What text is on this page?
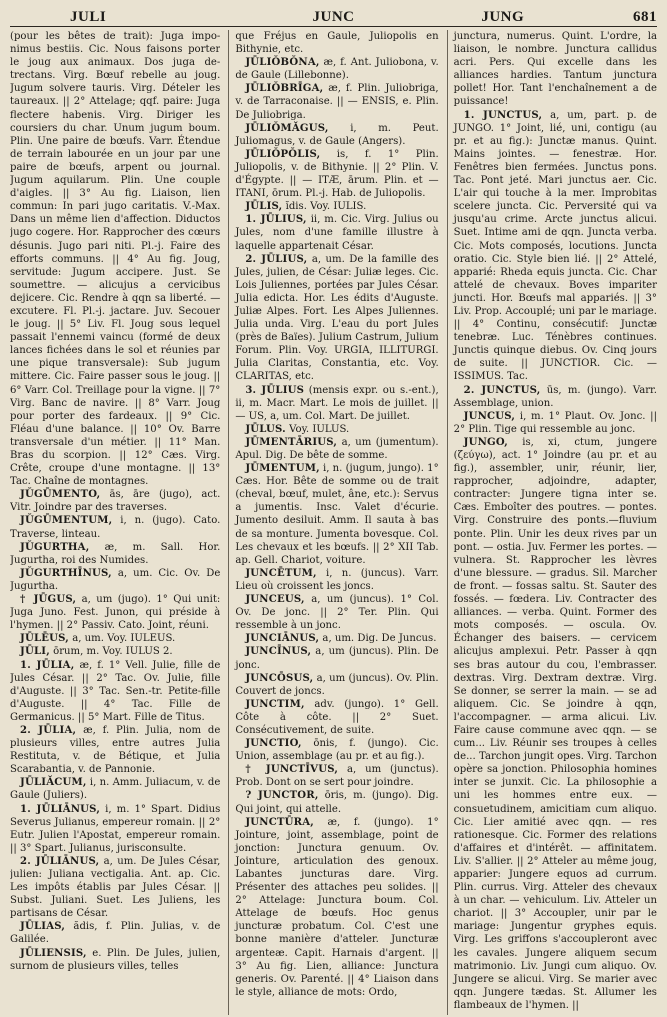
JULI	JUNC	JUNG	681

(pour les bêtes de trait): Juga impo- nimus bestiis. Cic. Nous faisons porter le joug aux animaux. Dos juga de- trectans. Virg. Bœuf rebelle au joug. Jugum solvere tauris. Virg. Dételer les taureaux. || 2° Attelage; qqf. paire: Juga flectere habenis. Virg. Diriger les coursiers du char. Unum jugum boum. Plin. Une paire de bœufs. Varr. Étendue de terrain labourée en un jour par une paire de bœufs, arpent ou journal. Jugum aquilarum. Plin. Une couple d'aigles. || 3° Au fig. Liaison, lien commun: In pari jugo caritatis. V.-Max. Dans un même lien d'affection. Diductos jugo cogere. Hor. Rapprocher des cœurs désunis. Jugo pari niti. Pl.-j. Faire des efforts communs. || 4° Au fig. Joug, servitude: Jugum accipere. Just. Se soumettre. — alicujus a cervicibus dejicere. Cic. Rendre à qqn sa liberté. — excutere. Fl. Pl.-j. jactare. Juv. Secouer le joug. || 5° Liv. Fl. Joug sous lequel passait l'ennemi vaincu (formé de deux lances fichées dans le sol et réunies par une pique transversale): Sub jugum mittere. Cic. Faire passer sous le joug. || 6° Varr. Col. Treillage pour la vigne. || 7° Virg. Banc de navire. || 8° Varr. Joug pour porter des fardeaux. || 9° Cic. Fléau d'une balance. || 10° Ov. Barre transversale d'un métier. || 11° Man. Bras du scorpion. || 12° Cæs. Virg. Crête, croupe d'une montagne. || 13° Tac. Chaîne de montagnes.

JŬGŪMENTO, ās, āre (jugo), act. Vitr. Joindre par des traverses.

JŬGŪMENTUM, i, n. (jugo). Cato. Traverse, linteau.

JŬGURTHA, æ, m. Sall. Hor. Jugurtha, roi des Numides.

JŬGURTHĪNUS, a, um. Cic. Ov. De Jugurtha.

† JŪGUS, a, um (jugo). 1° Qui unit: Juga Juno. Fest. Junon, qui préside à l'hymen. || 2° Passiv. Cato. Joint, réuni.

JŪLĒUS, a, um. Voy. IULEUS.

JŪLI, ōrum, m. Voy. IULUS 2.

1. JŪLIA, æ, f. 1° Vell. Julie, fille de Jules César. || 2° Tac. Ov. Julie, fille d'Auguste. || 3° Tac. Sen.-tr. Petite-fille d'Auguste. || 4° Tac. Fille de Germanicus. || 5° Mart. Fille de Titus.

2. JŪLIA, æ, f. Plin. Julia, nom de plusieurs villes, entre autres Julia Restituta, v. de Bétique, et Julia Scarabantia, v. de Pannonie.

JŪLIĂCUM, i, n. Amm. Juliacum, v. de Gaule (Juliers).

1. JŪLIĀNUS, i, m. 1° Spart. Didius Severus Julianus, empereur romain. || 2° Eutr. Julien l'Apostat, empereur romain. || 3° Spart. Julianus, jurisconsulte.

2. JŪLIĀNUS, a, um. De Jules César, julien: Juliana vectigalia. Ant. ap. Cic. Les impôts établis par Jules César. || Subst. Juliani. Suet. Les Juliens, les partisans de César.

JŪLIAS, ădis, f. Plin. Julias, v. de Galilée.

JŪLIENSIS, e. Plin. De Jules, julien, surnom de plusieurs villes, telles

que Fréjus en Gaule, Juliopolis en Bithynie, etc.

JŪLIŎBŎNA, æ, f. Ant. Juliobona, v. de Gaule (Lillebonne).

JŪLIŎBRĪGA, æ, f. Plin. Juliobriga, v. de Tarraconaise. || — ENSIS, e. Plin. De Juliobriga.

JŪLIŎMĂGUS, i, m. Peut. Juliomagus, v. de Gaule (Angers).

JŪLIŎPŎLIS, is, f. 1° Plin. Juliopolis, v. de Bithynie. || 2° Plin. V. d'Égypte. || — ITÆ, ārum. Plin. et — ITANI, ōrum. Pl.-j. Hab. de Juliopolis.

JŪLIS, ĭdis. Voy. IULIS.

1. JŪLIUS, ii, m. Cic. Virg. Julius ou Jules, nom d'une famille illustre à laquelle appartenait César.

2. JŪLIUS, a, um. De la famille des Jules, julien, de César: Juliæ leges. Cic. Lois Juliennes, portées par Jules César. Julia edicta. Hor. Les édits d'Auguste. Juliæ Alpes. Fort. Les Alpes Juliennes. Julia unda. Virg. L'eau du port Jules (près de Baïes). Julium Castrum, Julium Forum. Plin. Voy. URGIA, ILLITURGI. Julia Claritas, Constantia, etc. Voy. CLARITAS, etc.

3. JŪLIUS (mensis expr. ou s.-ent.), ii, m. Macr. Mart. Le mois de juillet. || — US, a, um. Col. Mart. De juillet.

JŪLUS. Voy. IULUS.

JŪMENTĀRIUS, a, um (jumentum). Apul. Dig. De bête de somme.

JŪMENTUM, i, n. (jugum, jungo). 1° Cæs. Hor. Bête de somme ou de trait (cheval, bœuf, mulet, âne, etc.): Servus a jumentis. Insc. Valet d'écurie. Jumento desiluit. Amm. Il sauta à bas de sa monture. Jumenta bovesque. Col. Les chevaux et les bœufs. || 2° XII Tab. ap. Gell. Chariot, voiture.

JUNCĒTUM, i, n. (juncus). Varr. Lieu où croissent les joncs.

JUNCEUS, a, um (juncus). 1° Col. Ov. De jonc. || 2° Ter. Plin. Qui ressemble à un jonc.

JUNCIĀNUS, a, um. Dig. De Juncus.

JUNCĪNUS, a, um (juncus). Plin. De jonc.

JUNCŌSUS, a, um (juncus). Ov. Plin. Couvert de joncs.

JUNCTIM, adv. (jungo). 1° Gell. Côte à côte. || 2° Suet. Consécutivement, de suite.

JUNCTIO, ōnis, f. (jungo). Cic. Union, assemblage (au pr. et au fig.).

† JUNCTĪVUS, a, um (junctus). Prob. Dont on se sert pour joindre.

? JUNCTOR, ōris, m. (jungo). Dig. Qui joint, qui attelle.

JUNCTŪRA, æ, f. (jungo). 1° Jointure, joint, assemblage, point de jonction: Junctura genuum. Ov. Jointure, articulation des genoux. Labantes juncturas dare. Virg. Présenter des attaches peu solides. || 2° Attelage: Junctura boum. Col. Attelage de bœufs. Hoc genus juncturæ probatum. Col. C'est une bonne manière d'atteler. Juncturæ argenteæ. Capit. Harnais d'argent. || 3° Au fig. Lien, alliance: Junctura generis. Ov. Parenté. || 4° Liaison dans le style, alliance de mots: Ordo,

junctura, numerus. Quint. L'ordre, la liaison, le nombre. Junctura callidus acri. Pers. Qui excelle dans les alliances hardies. Tantum junctura pollet! Hor. Tant l'enchaînement a de puissance!

1. JUNCTUS, a, um, part. p. de JUNGO. 1° Joint, lié, uni, contigu (au pr. et au fig.): Junctæ manus. Quint. Mains jointes. — fenestræ. Hor. Fenêtres bien fermées. Junctus pons. Tac. Pont jeté. Mari junctus aer. Cic. L'air qui touche à la mer. Improbitas scelere juncta. Cic. Perversité qui va jusqu'au crime. Arcte junctus alicui. Suet. Intime ami de qqn. Juncta verba. Cic. Mots composés, locutions. Juncta oratio. Cic. Style bien lié. || 2° Attelé, apparié: Rheda equis juncta. Cic. Char attelé de chevaux. Boves impariter juncti. Hor. Bœufs mal appariés. || 3° Liv. Prop. Accouplé; uni par le mariage. || 4° Continu, consécutif: Junctæ tenebræ. Luc. Ténèbres continues. Junctis quinque diebus. Ov. Cinq jours de suite. || JUNCTIOR. Cic. — ISSIMUS. Tac.

2. JUNCTUS, ūs, m. (jungo). Varr. Assemblage, union.

JUNCUS, i, m. 1° Plaut. Ov. Jonc. || 2° Plin. Tige qui ressemble au jonc.

JUNGO, is, xi, ctum, jungere (ζεύγω), act. 1° Joindre (au pr. et au fig.), assembler, unir, réunir, lier, rapprocher, adjoindre, adapter, contracter: Jungere tigna inter se. Cæs. Emboîter des poutres. — pontes. Virg. Construire des ponts.—fluvium ponte. Plin. Unir les deux rives par un pont. — ostia. Juv. Fermer les portes. — vulnera. St. Rapprocher les lèvres d'une blessure. — gradus. Sil. Marcher de front. — fossas saltu. St. Sauter des fossés. — fœdera. Liv. Contracter des alliances. — verba. Quint. Former des mots composés. — oscula. Ov. Échanger des baisers. — cervicem alicujus amplexui. Petr. Passer à qqn ses bras autour du cou, l'embrasser. dextras. Virg. Dextram dextræ. Virg. Se donner, se serrer la main. — se ad aliquem. Cic. Se joindre à qqn, l'accompagner. — arma alicui. Liv. Faire cause commune avec qqn. — se cum... Liv. Réunir ses troupes à celles de... Tarchon jungit opes. Virg. Tarchon opère sa jonction. Philosophia homines inter se junxit. Cic. La philosophie a uni les hommes entre eux. — consuetudinem, amicitiam cum aliquo. Cic. Lier amitié avec qqn. — res rationesque. Cic. Former des relations d'affaires et d'intérêt. — affinitatem. Liv. S'allier. || 2° Atteler au même joug, apparier: Jungere equos ad currum. Plin. currus. Virg. Atteler des chevaux à un char. — vehiculum. Liv. Atteler un chariot. || 3° Accoupler, unir par le mariage: Jungentur gryphes equis. Virg. Les griffons s'accoupleront avec les cavales. Jungere aliquem secum matrimonio. Liv. Jungi cum aliquo. Ov. Jungere se alicui. Virg. Se marier avec qqn. Jungere tædas. St. Allumer les flambeaux de l'hymen. ||
